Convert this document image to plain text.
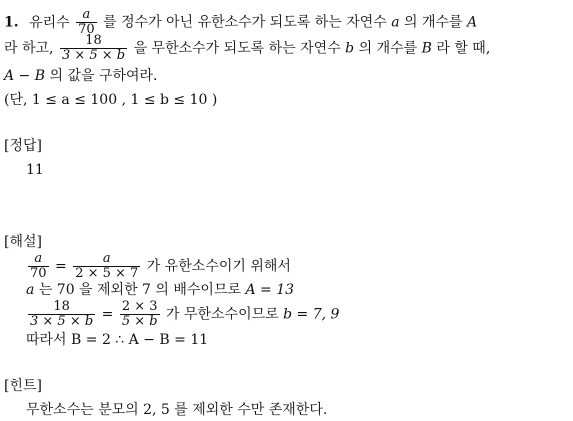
1. 유리수 $\frac{a}{70}$ 를 정수가 아닌 유한소수가 되도록 하는 자연수 a 의 개수를 A
라 하고, $\frac{18}{3 \times 5 \times b}$ 을 무한소수가 되도록 하는 자연수 b 의 개수를 B 라 할 때,
A − B 의 값을 구하여라.
(단, 1 ≤ a ≤ 100 , 1 ≤ b ≤ 10 )
[정답]
11
[해설]
$\frac{a}{70} = \frac{a}{2 \times 5 \times 7}$ 가 유한소수이기 위해서
a 는 70 을 제외한 7 의 배수이므로 A = 13
$\frac{18}{3 \times 5 \times b} = \frac{2 \times 3}{5 \times b}$ 가 무한소수이므로 b = 7, 9
따라서 B = 2 ∴ A − B = 11
[힌트]
무한소수는 분모의 2, 5 를 제외한 수만 존재한다.
